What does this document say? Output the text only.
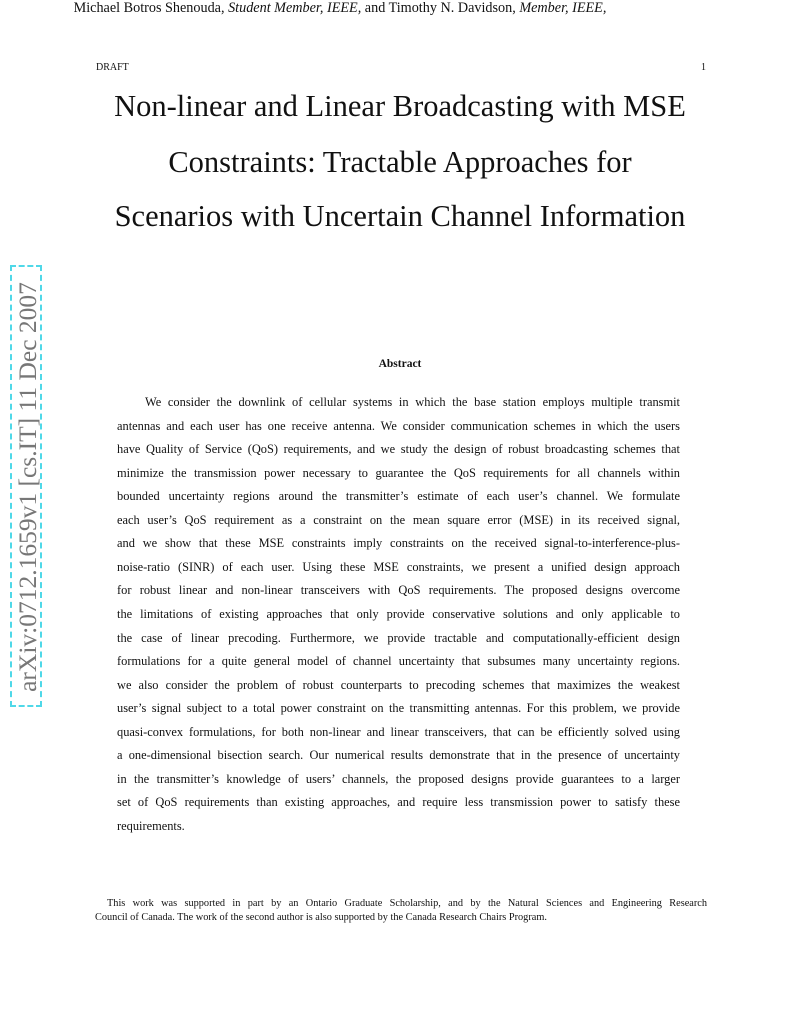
DRAFT	1
Non-linear and Linear Broadcasting with MSE
Constraints: Tractable Approaches for
Scenarios with Uncertain Channel Information
Michael Botros Shenouda, Student Member, IEEE, and Timothy N. Davidson, Member, IEEE,
Abstract
We consider the downlink of cellular systems in which the base station employs multiple transmit
antennas and each user has one receive antenna. We consider communication schemes in which the users
have Quality of Service (QoS) requirements, and we study the design of robust broadcasting schemes that
minimize the transmission power necessary to guarantee the QoS requirements for all channels within
bounded uncertainty regions around the transmitter’s estimate of each user’s channel. We formulate
each user’s QoS requirement as a constraint on the mean square error (MSE) in its received signal,
and we show that these MSE constraints imply constraints on the received signal-to-interference-plus-
noise-ratio (SINR) of each user. Using these MSE constraints, we present a unified design approach
for robust linear and non-linear transceivers with QoS requirements. The proposed designs overcome
the limitations of existing approaches that only provide conservative solutions and only applicable to
the case of linear precoding. Furthermore, we provide tractable and computationally-efficient design
formulations for a quite general model of channel uncertainty that subsumes many uncertainty regions.
we also consider the problem of robust counterparts to precoding schemes that maximizes the weakest
user’s signal subject to a total power constraint on the transmitting antennas. For this problem, we provide
quasi-convex formulations, for both non-linear and linear transceivers, that can be efficiently solved using
a one-dimensional bisection search. Our numerical results demonstrate that in the presence of uncertainty
in the transmitter’s knowledge of users’ channels, the proposed designs provide guarantees to a larger
set of QoS requirements than existing approaches, and require less transmission power to satisfy these
requirements.
This work was supported in part by an Ontario Graduate Scholarship, and by the Natural Sciences and Engineering Research
Council of Canada. The work of the second author is also supported by the Canada Research Chairs Program.
arXiv:0712.1659v1 [cs.IT] 11 Dec 2007
